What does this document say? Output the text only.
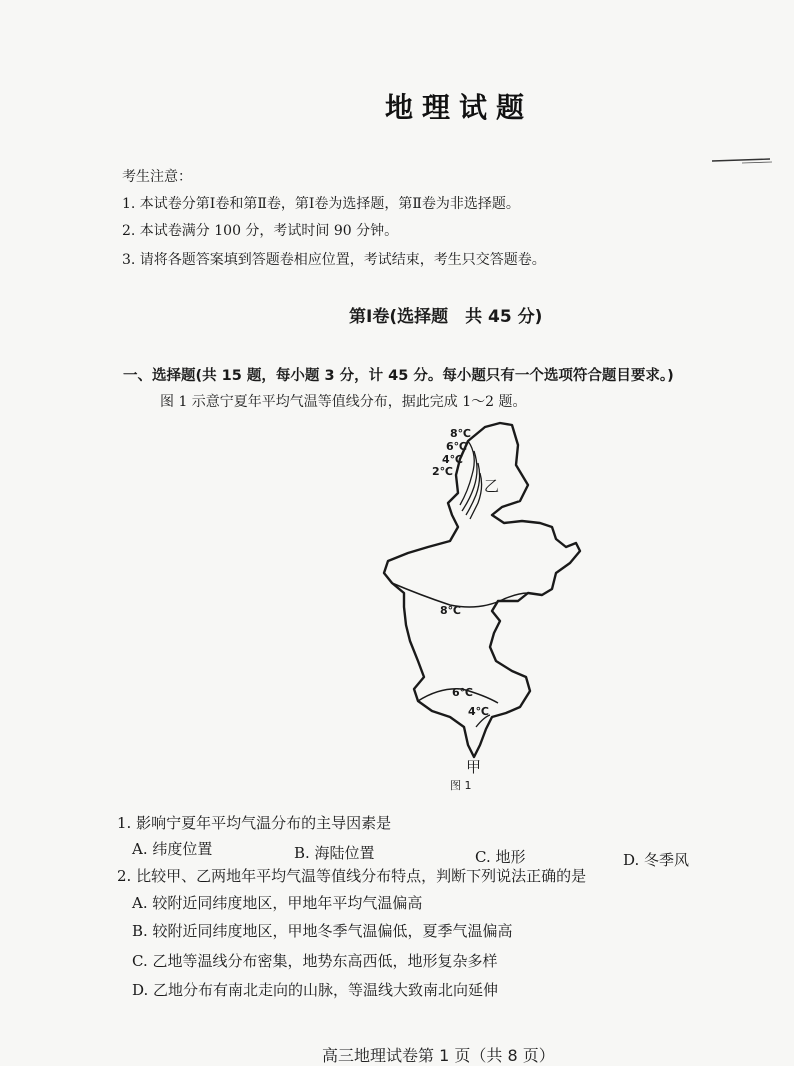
地理试题
考生注意：
1. 本试卷分第Ⅰ卷和第Ⅱ卷，第Ⅰ卷为选择题，第Ⅱ卷为非选择题。
2. 本试卷满分 100 分，考试时间 90 分钟。
3. 请将各题答案填到答题卷相应位置，考试结束，考生只交答题卷。
第Ⅰ卷(选择题　共 45 分)
一、选择题(共 15 题，每小题 3 分，计 45 分。每小题只有一个选项符合题目要求。)
图 1 示意宁夏年平均气温等值线分布，据此完成 1～2 题。
8℃
6℃
4℃
2℃
8℃
6℃
4℃
乙
甲
图 1
1. 影响宁夏年平均气温分布的主导因素是
A. 纬度位置	B. 海陆位置	C. 地形	D. 冬季风
2. 比较甲、乙两地年平均气温等值线分布特点，判断下列说法正确的是
A. 较附近同纬度地区，甲地年平均气温偏高
B. 较附近同纬度地区，甲地冬季气温偏低，夏季气温偏高
C. 乙地等温线分布密集，地势东高西低，地形复杂多样
D. 乙地分布有南北走向的山脉，等温线大致南北向延伸
高三地理试卷第 1 页（共 8 页）
